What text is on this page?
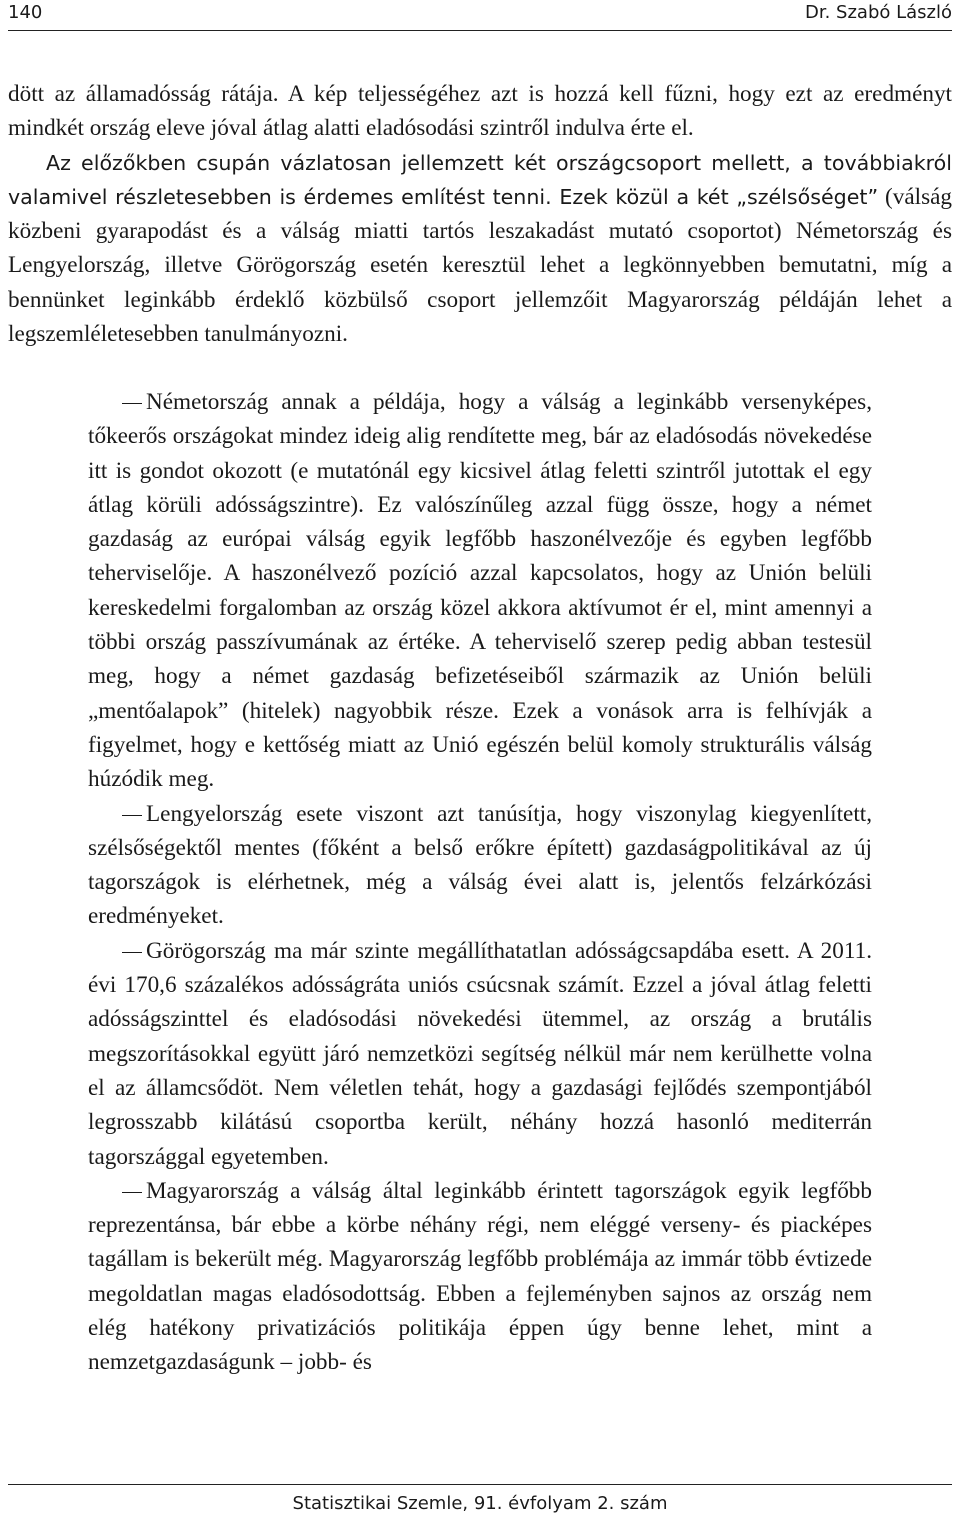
140	Dr. Szabó László

dött az államadósság rátája. A kép teljességéhez azt is hozzá kell fűzni, hogy ezt az eredményt mindkét ország eleve jóval átlag alatti eladósodási szintről indulva érte el.

Az előzőkben csupán vázlatosan jellemzett két országcsoport mellett, a továbbiakról valamivel részletesebben is érdemes említést tenni. Ezek közül a két „szélsőséget” (válság közbeni gyarapodást és a válság miatti tartós leszakadást mutató csoportot) Németország és Lengyelország, illetve Görögország esetén keresztül lehet a legkönnyebben bemutatni, míg a bennünket leginkább érdeklő közbülső csoport jellemzőit Magyarország példáján lehet a legszemléletesebben tanulmányozni.

Németország annak a példája, hogy a válság a leginkább versenyképes, tőkeerős országokat mindez ideig alig rendítette meg, bár az eladósodás növekedése itt is gondot okozott (e mutatónál egy kicsivel átlag feletti szintről jutottak el egy átlag körüli adósságszintre). Ez valószínűleg azzal függ össze, hogy a német gazdaság az európai válság egyik legfőbb haszonélvezője és egyben legfőbb teherviselője. A haszonélvező pozíció azzal kapcsolatos, hogy az Unión belüli kereskedelmi forgalomban az ország közel akkora aktívumot ér el, mint amennyi a többi ország passzívumának az értéke. A teherviselő szerep pedig abban testesül meg, hogy a német gazdaság befizetéseiből származik az Unión belüli „mentőalapok” (hitelek) nagyobbik része. Ezek a vonások arra is felhívják a figyelmet, hogy e kettőség miatt az Unió egészén belül komoly strukturális válság húzódik meg.

Lengyelország esete viszont azt tanúsítja, hogy viszonylag kiegyenlített, szélsőségektől mentes (főként a belső erőkre épített) gazdaságpolitikával az új tagországok is elérhetnek, még a válság évei alatt is, jelentős felzárkózási eredményeket.

Görögország ma már szinte megállíthatatlan adósságcsapdába esett. A 2011. évi 170,6 százalékos adósságráta uniós csúcsnak számít. Ezzel a jóval átlag feletti adósságszinttel és eladósodási növekedési ütemmel, az ország a brutális megszorításokkal együtt járó nemzetközi segítség nélkül már nem kerülhette volna el az államcsődöt. Nem véletlen tehát, hogy a gazdasági fejlődés szempontjából legrosszabb kilátású csoportba került, néhány hozzá hasonló mediterrán tagországgal egyetemben.

Magyarország a válság által leginkább érintett tagországok egyik legfőbb reprezentánsa, bár ebbe a körbe néhány régi, nem eléggé verseny- és piacképes tagállam is bekerült még. Magyarország legfőbb problémája az immár több évtizede megoldatlan magas eladósodottság. Ebben a fejleményben sajnos az ország nem elég hatékony privatizációs politikája éppen úgy benne lehet, mint a nemzetgazdaságunk – jobb- és

Statisztikai Szemle, 91. évfolyam 2. szám
